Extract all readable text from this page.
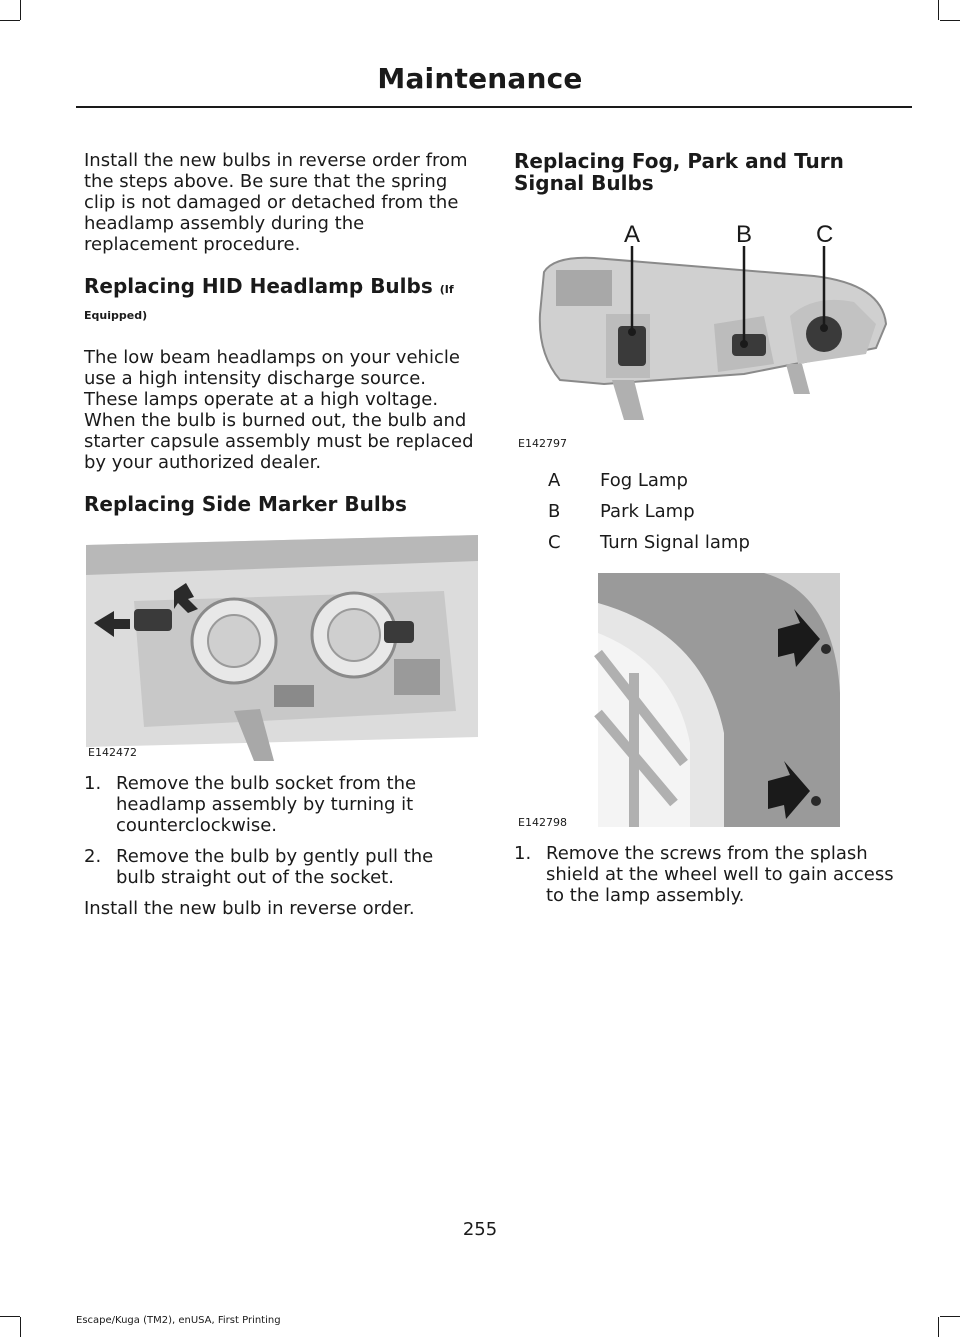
Maintenance

Install the new bulbs in reverse order from the steps above. Be sure that the spring clip is not damaged or detached from the headlamp assembly during the replacement procedure.

Replacing HID Headlamp Bulbs (If Equipped)

The low beam headlamps on your vehicle use a high intensity discharge source. These lamps operate at a high voltage. When the bulb is burned out, the bulb and starter capsule assembly must be replaced by your authorized dealer.

Replacing Side Marker Bulbs
E142472
1. Remove the bulb socket from the headlamp assembly by turning it counterclockwise.
2. Remove the bulb by gently pull the bulb straight out of the socket.

Install the new bulb in reverse order.

Replacing Fog, Park and Turn Signal Bulbs
A	B	C
E142797
A	Fog Lamp
B	Park Lamp
C	Turn Signal lamp
E142798
1. Remove the screws from the splash shield at the wheel well to gain access to the lamp assembly.
255
Escape/Kuga (TM2), enUSA, First Printing
